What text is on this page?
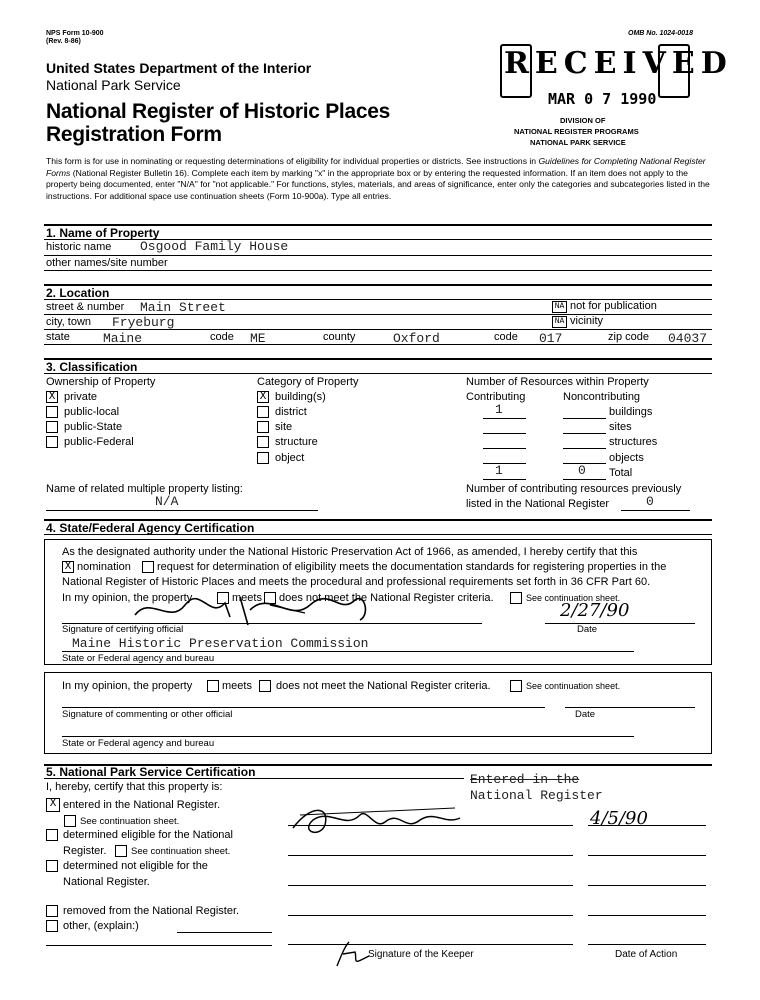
NPS Form 10-900
(Rev. 8-86)
OMB No. 1024-0018
United States Department of the Interior
National Park Service
National Register of Historic Places
Registration Form
RECEIVED
MAR 0 7 1990
DIVISION OF
NATIONAL REGISTER PROGRAMS
NATIONAL PARK SERVICE
This form is for use in nominating or requesting determinations of eligibility for individual properties or districts. See instructions in Guidelines for Completing National Register Forms (National Register Bulletin 16). Complete each item by marking "x" in the appropriate box or by entering the requested information. If an item does not apply to the property being documented, enter "N/A" for "not applicable." For functions, styles, materials, and areas of significance, enter only the categories and subcategories listed in the instructions. For additional space use continuation sheets (Form 10-900a). Type all entries.
1. Name of Property
historic name Osgood Family House
other names/site number
2. Location
street & number Main Street	NA not for publication
city, town Fryeburg	NA vicinity
state	Maine	code ME	county	Oxford	code 017	zip code 04037
3. Classification
Ownership of Property
X private
public-local
public-State
public-Federal
Category of Property
X building(s)
district
site
structure
object
Number of Resources within Property
Contributing	Noncontributing
1	buildings
sites
structures
objects
1	0 Total
Name of related multiple property listing:
N/A
Number of contributing resources previously
listed in the National Register	0
4. State/Federal Agency Certification
As the designated authority under the National Historic Preservation Act of 1966, as amended, I hereby certify that this
X nomination request for determination of eligibility meets the documentation standards for registering properties in the
National Register of Historic Places and meets the procedural and professional requirements set forth in 36 CFR Part 60.
In my opinion, the property	meets does not meet the National Register criteria.	See continuation sheet.
2/27/90
Signature of certifying official	Date
Maine Historic Preservation Commission
State or Federal agency and bureau
In my opinion, the property	meets does not meet the National Register criteria.	See continuation sheet.
Signature of commenting or other official	Date
State or Federal agency and bureau
5. National Park Service Certification
I, hereby, certify that this property is:	Entered in the
National Register
X entered in the National Register.
See continuation sheet.
determined eligible for the National
Register.	See continuation sheet.
determined not eligible for the
National Register.
removed from the National Register.
other, (explain:)
4/5/90
Signature of the Keeper	Date of Action
